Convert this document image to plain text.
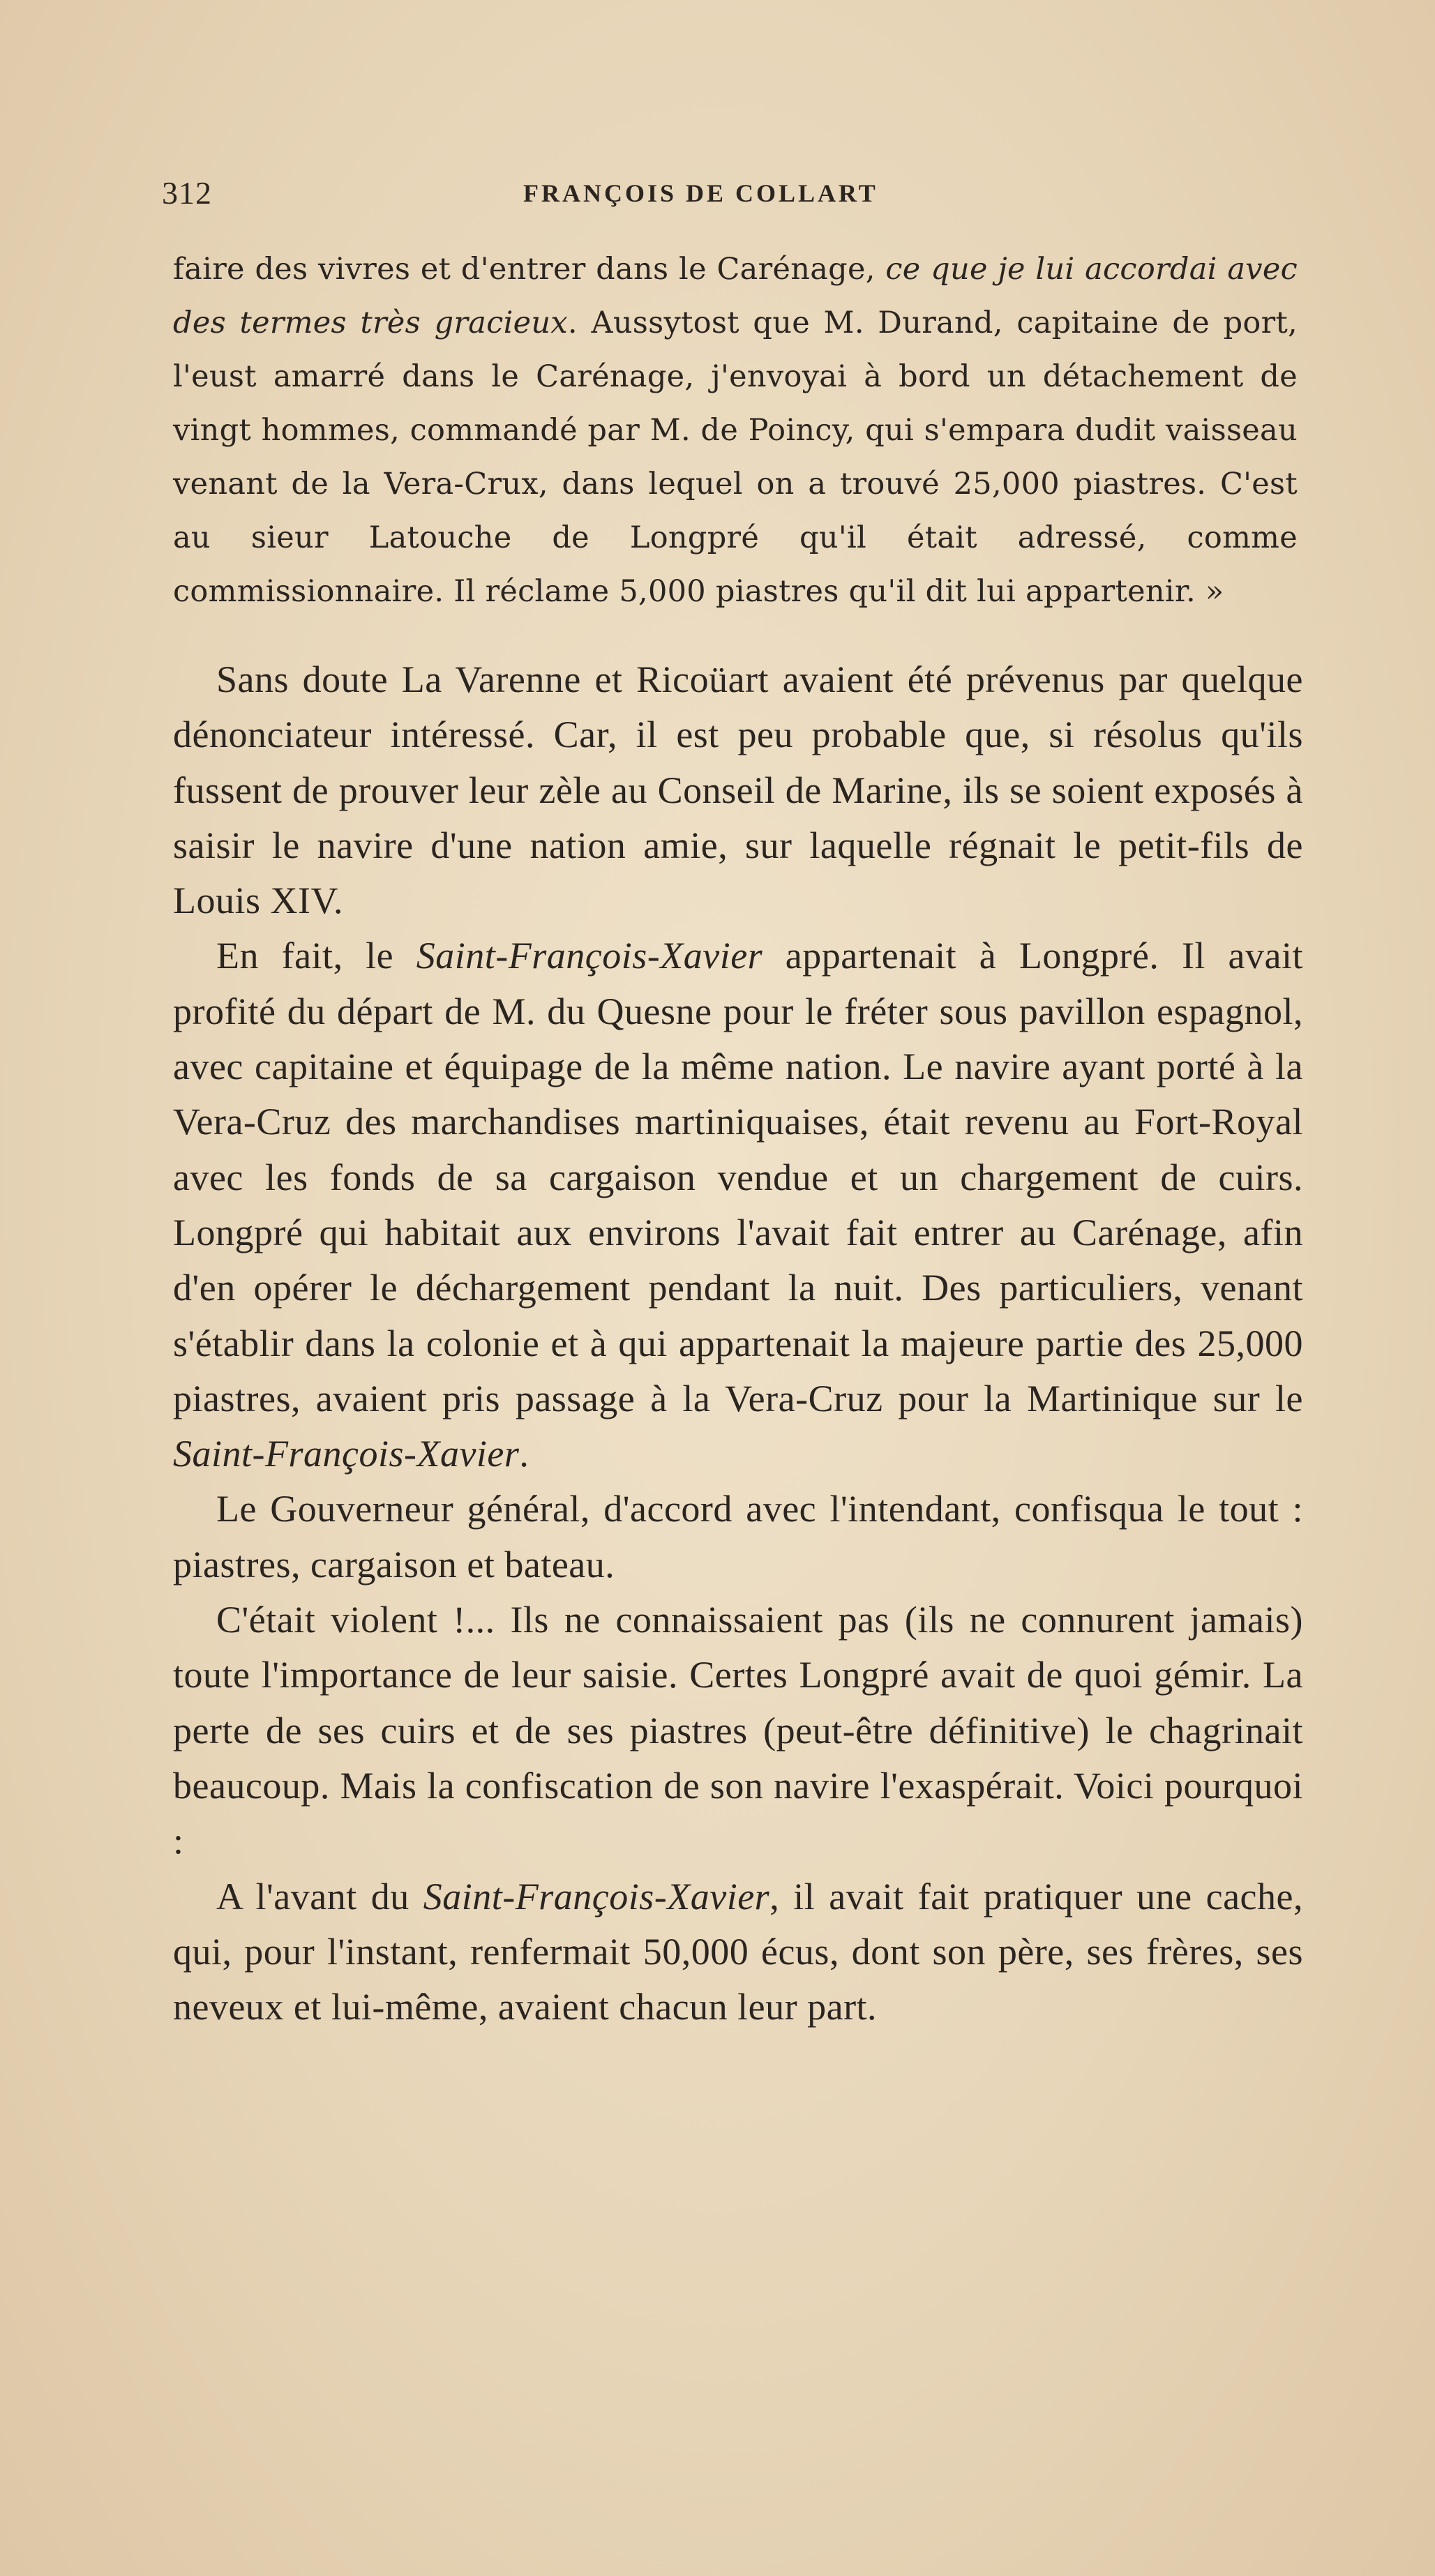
312	FRANÇOIS DE COLLART
faire des vivres et d'entrer dans le Carénage, ce que je lui accordai avec des termes très gracieux. Aussytost que M. Durand, capitaine de port, l'eust amarré dans le Carénage, j'envoyai à bord un détachement de vingt hommes, commandé par M. de Poincy, qui s'empara dudit vaisseau venant de la Vera-Crux, dans lequel on a trouvé 25,000 piastres. C'est au sieur Latouche de Longpré qu'il était adressé, comme commissionnaire. Il réclame 5,000 piastres qu'il dit lui appartenir. »

Sans doute La Varenne et Ricoüart avaient été prévenus par quelque dénonciateur intéressé. Car, il est peu probable que, si résolus qu'ils fussent de prouver leur zèle au Conseil de Marine, ils se soient exposés à saisir le navire d'une nation amie, sur laquelle régnait le petit-fils de Louis XIV.

En fait, le Saint-François-Xavier appartenait à Longpré. Il avait profité du départ de M. du Quesne pour le fréter sous pavillon espagnol, avec capitaine et équipage de la même nation. Le navire ayant porté à la Vera-Cruz des marchandises martiniquaises, était revenu au Fort-Royal avec les fonds de sa cargaison vendue et un chargement de cuirs. Longpré qui habitait aux environs l'avait fait entrer au Carénage, afin d'en opérer le déchargement pendant la nuit. Des particuliers, venant s'établir dans la colonie et à qui appartenait la majeure partie des 25,000 piastres, avaient pris passage à la Vera-Cruz pour la Martinique sur le Saint-François-Xavier.

Le Gouverneur général, d'accord avec l'intendant, confisqua le tout : piastres, cargaison et bateau.

C'était violent !... Ils ne connaissaient pas (ils ne connurent jamais) toute l'importance de leur saisie. Certes Longpré avait de quoi gémir. La perte de ses cuirs et de ses piastres (peut-être définitive) le chagrinait beaucoup. Mais la confiscation de son navire l'exaspérait. Voici pourquoi :

A l'avant du Saint-François-Xavier, il avait fait pratiquer une cache, qui, pour l'instant, renfermait 50,000 écus, dont son père, ses frères, ses neveux et lui-même, avaient chacun leur part.
